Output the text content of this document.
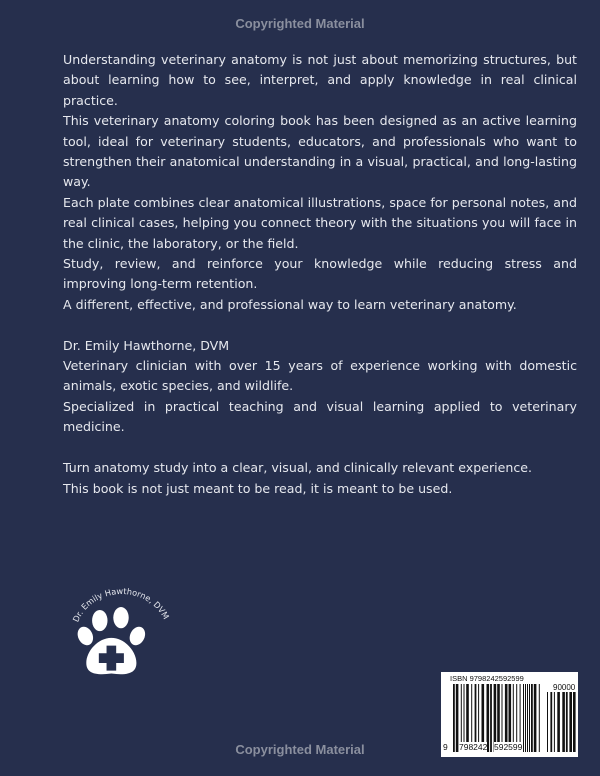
Copyrighted Material

Understanding veterinary anatomy is not just about memorizing structures, but about learning how to see, interpret, and apply knowledge in real clinical practice.

This veterinary anatomy coloring book has been designed as an active learning tool, ideal for veterinary students, educators, and professionals who want to strengthen their anatomical understanding in a visual, practical, and long-lasting way.

Each plate combines clear anatomical illustrations, space for personal notes, and real clinical cases, helping you connect theory with the situations you will face in the clinic, the laboratory, or the field.

Study, review, and reinforce your knowledge while reducing stress and improving long-term retention.

A different, effective, and professional way to learn veterinary anatomy.

Dr. Emily Hawthorne, DVM

Veterinary clinician with over 15 years of experience working with domestic animals, exotic species, and wildlife.

Specialized in practical teaching and visual learning applied to veterinary medicine.

Turn anatomy study into a clear, visual, and clinically relevant experience.

This book is not just meant to be read, it is meant to be used.

Dr. Emily Hawthorne, DVM
ISBN 9798242592599
90000
9 798242 592599
Copyrighted Material
